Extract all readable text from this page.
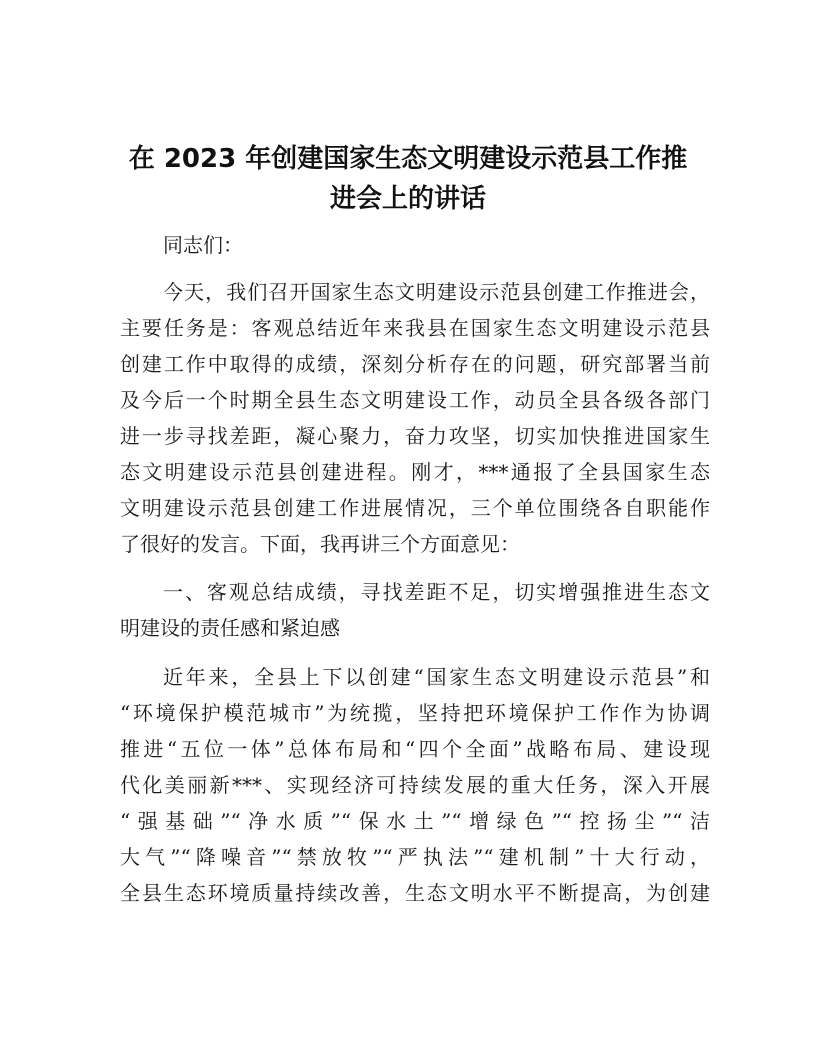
在 2023 年创建国家生态文明建设示范县工作推
进会上的讲话
同志们：
今天，我们召开国家生态文明建设示范县创建工作推进会，
主要任务是：客观总结近年来我县在国家生态文明建设示范县
创建工作中取得的成绩，深刻分析存在的问题，研究部署当前
及今后一个时期全县生态文明建设工作，动员全县各级各部门
进一步寻找差距，凝心聚力，奋力攻坚，切实加快推进国家生
态文明建设示范县创建进程。刚才，***通报了全县国家生态
文明建设示范县创建工作进展情况，三个单位围绕各自职能作
了很好的发言。下面，我再讲三个方面意见：
一、客观总结成绩，寻找差距不足，切实增强推进生态文
明建设的责任感和紧迫感
近年来，全县上下以创建“国家生态文明建设示范县”和
“环境保护模范城市”为统揽，坚持把环境保护工作作为协调
推进“五位一体”总体布局和“四个全面”战略布局、建设现
代化美丽新***、实现经济可持续发展的重大任务，深入开展
“强基础”“净水质”“保水土”“增绿色”“控扬尘”“洁
大气”“降噪音”“禁放牧”“严执法”“建机制”十大行动，
全县生态环境质量持续改善，生态文明水平不断提高，为创建
